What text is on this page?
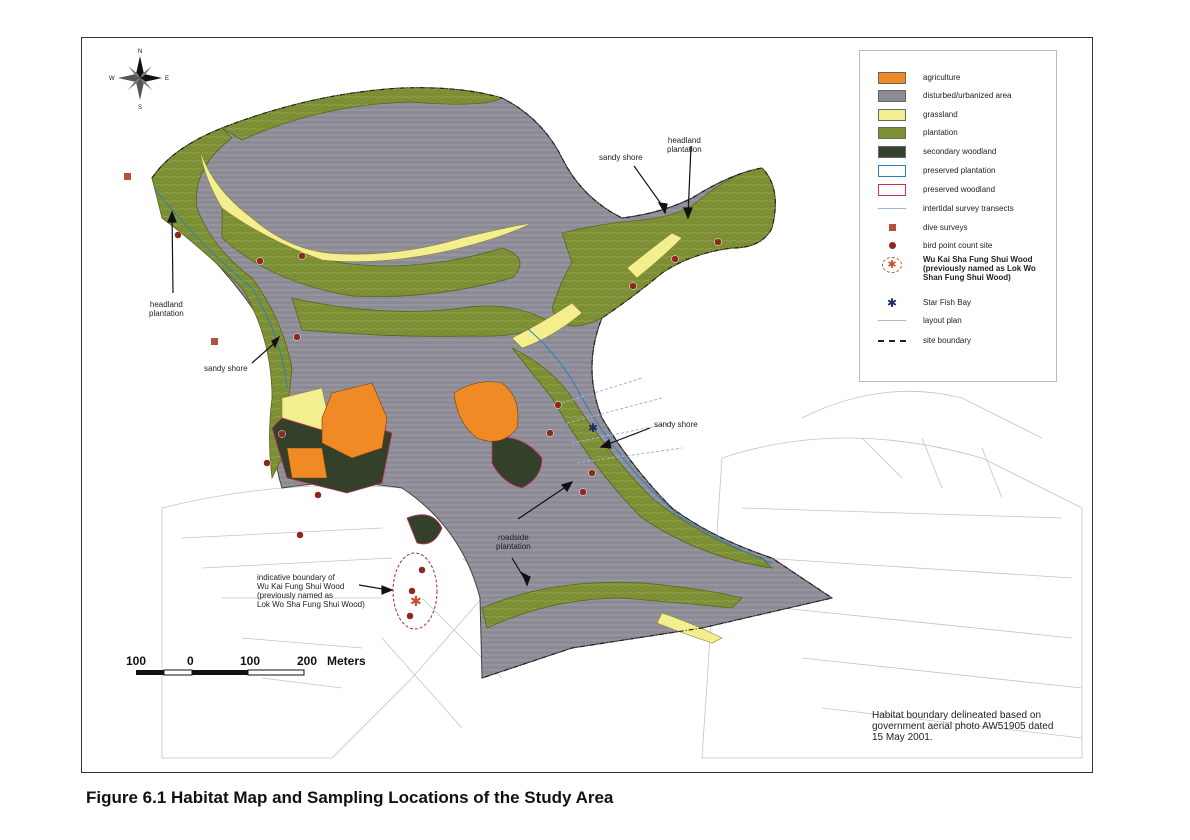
✱
✱
N
S
E
W
headland
plantation
sandy shore
headland
plantation
sandy shore
sandy shore
roadside
plantation
indicative boundary of
Wu Kai Fung Shui Wood
(previously named as
Lok Wo Sha Fung Shui Wood)
100	0	100	200 Meters
agriculture
disturbed/urbanized area
grassland
plantation
secondary woodland
preserved plantation
preserved woodland
intertidal survey transects
dive surveys
bird point count site
✱	Wu Kai Sha Fung Shui Wood
(previously named as Lok Wo
Shan Fung Shui Wood)
✱	Star Fish Bay
layout plan
site boundary
Habitat boundary delineated based on
government aerial photo AW51905 dated
15 May 2001.
Figure 6.1 Habitat Map and Sampling Locations of the Study Area
